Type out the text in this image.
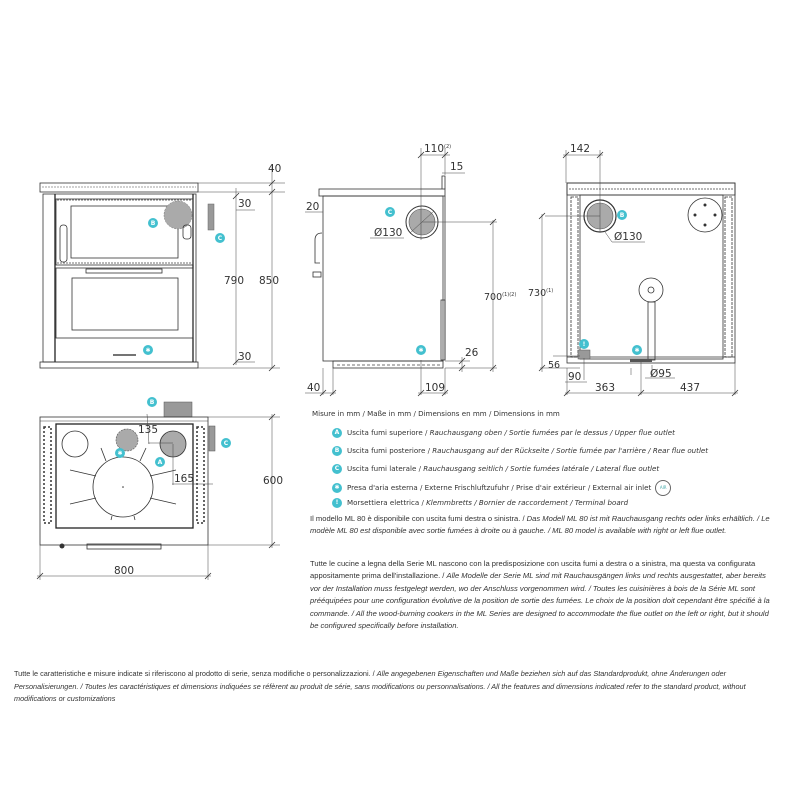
40
30
790 850
30
B
C
✱
110$^{(2)}$
15
20
Ø130
$700^{(1)(2)}$
26
40	109
C
✱
142
Ø130
730$^{(1)}$
56
90
363	437
Ø95
B
!
✱
135
165	600
800
B
C
A
✱
Misure in mm / Maße in mm / Dimensions en mm / Dimensions in mm
A Uscita fumi superiore / Rauchausgang oben / Sortie fumées par le dessus / Upper flue outlet
B Uscita fumi posteriore / Rauchausgang auf der Rückseite / Sortie fumée par l'arrière / Rear flue outlet
C Uscita fumi laterale / Rauchausgang seitlich / Sortie fumées latérale / Lateral flue outlet
✱ Presa d'aria esterna / Externe Frischluftzufuhr / Prise d'air extérieur / External air inlet AIR
! Morsettiera elettrica / Klemmbretts / Bornier de raccordement / Terminal board
Il modello ML 80 è disponibile con uscita fumi destra o sinistra. / Das Modell ML 80 ist mit Rauchausgang rechts oder links erhältlich. / Le modèle ML 80 est disponible avec sortie fumées à droite ou à gauche. / ML 80 model is available with right or left flue outlet.
Tutte le cucine a legna della Serie ML nascono con la predisposizione con uscita fumi a destra o a sinistra, ma questa va configurata appositamente prima dell'installazione. / Alle Modelle der Serie ML sind mit Rauchausgängen links und rechts ausgestattet, aber bereits vor der Installation muss festgelegt werden, wo der Anschluss vorgenommen wird. / Toutes les cuisinières à bois de la Série ML sont prééquipées pour une configuration évolutive de la position de sortie des fumées. Le choix de la position doit cependant être spécifié à la commande. / All the wood-burning cookers in the ML Series are designed to accommodate the flue outlet on the left or right, but it should be configured specifically before installation.
Tutte le caratteristiche e misure indicate si riferiscono al prodotto di serie, senza modifiche o personalizzazioni. / Alle angegebenen Eigenschaften und Maße beziehen sich auf das Standardprodukt, ohne Änderungen oder Personalisierungen. / Toutes les caractéristiques et dimensions indiquées se réfèrent au produit de série, sans modifications ou personnalisations. / All the features and dimensions indicated refer to the standard product, without modifications or customizations
